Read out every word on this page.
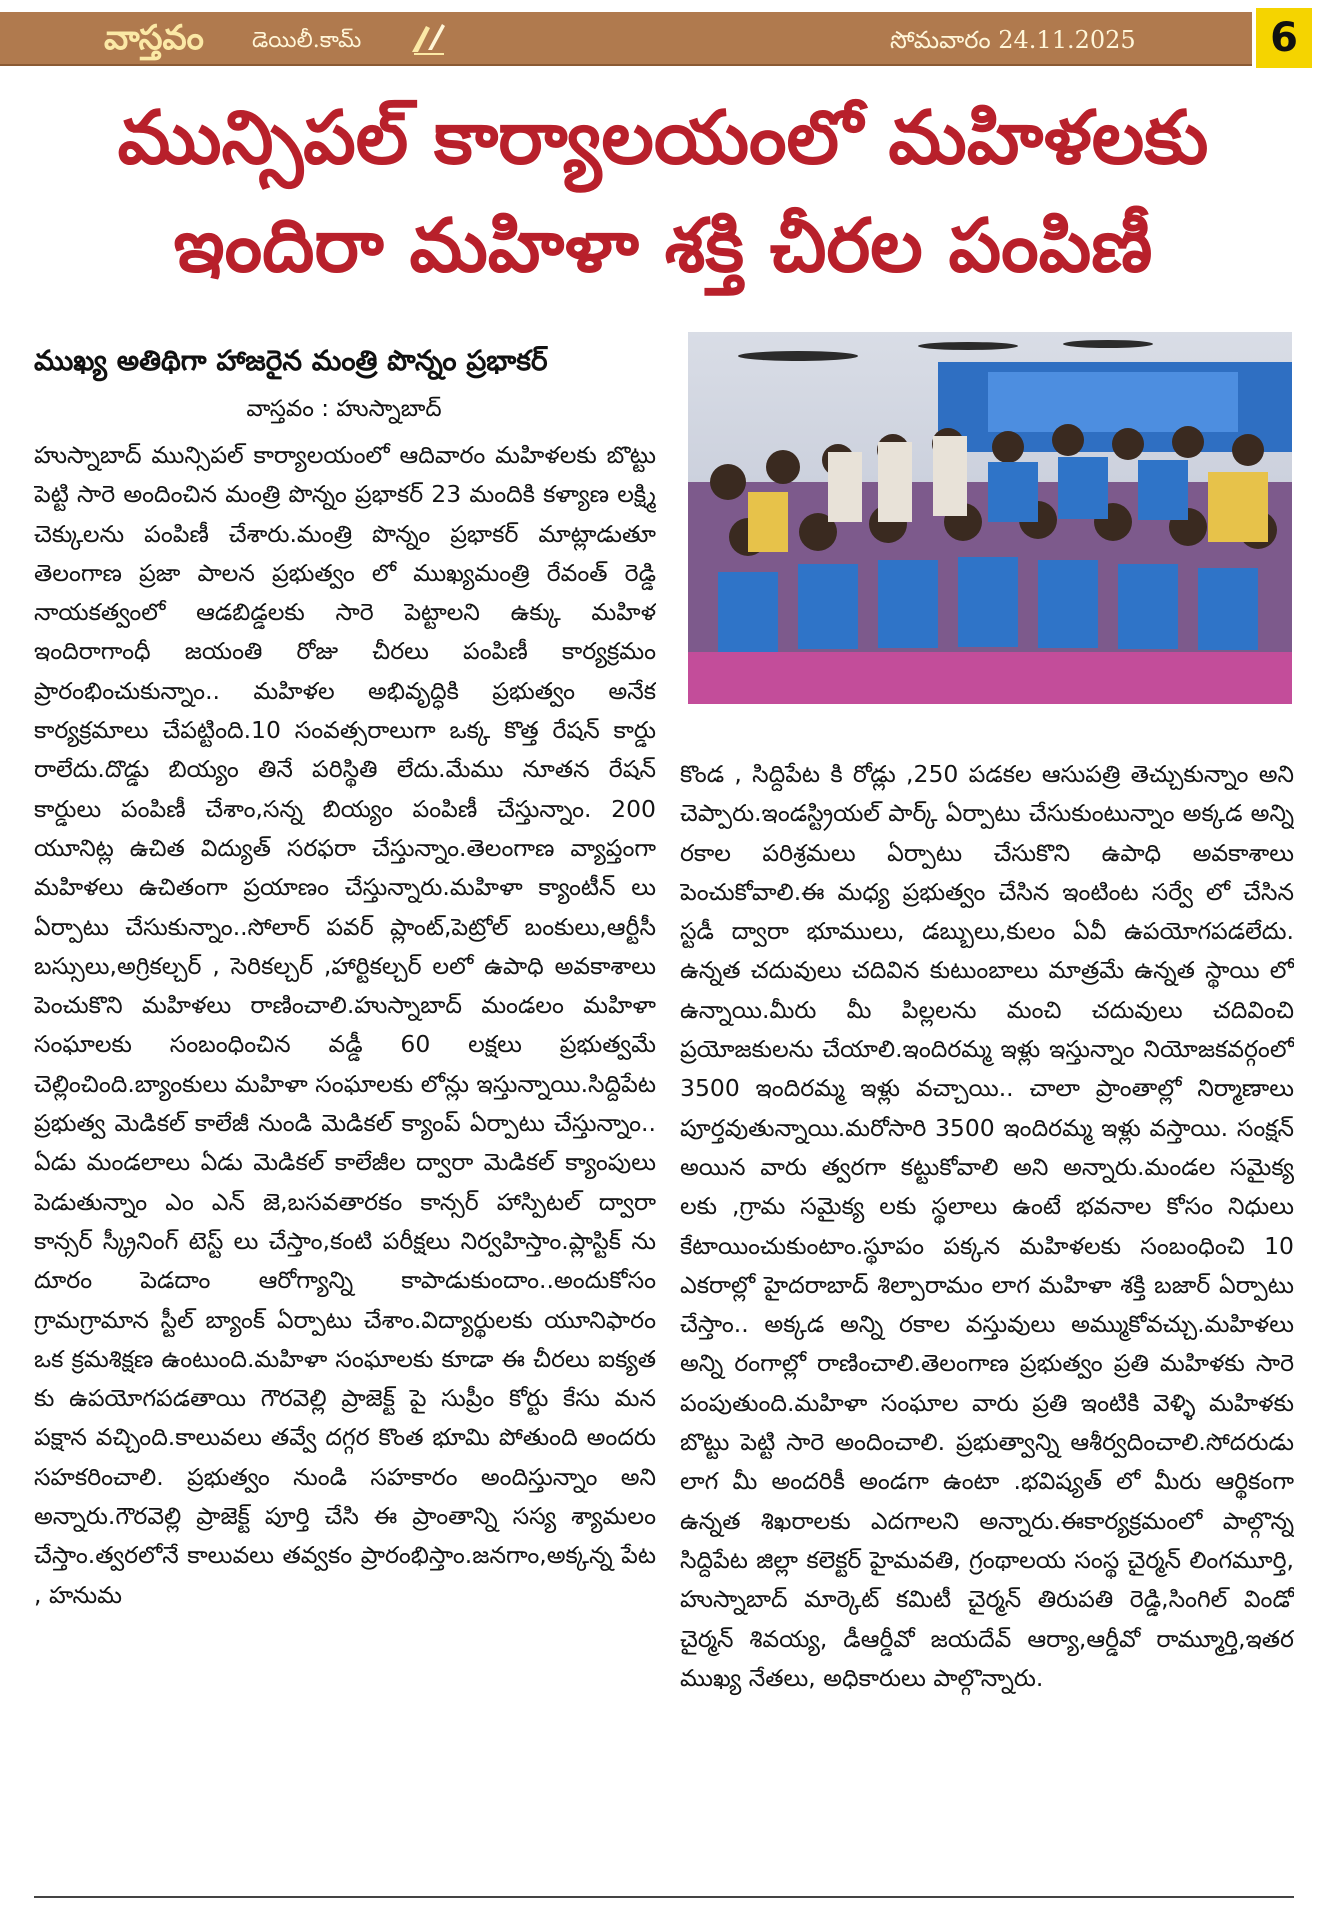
వాస్తవం డెయిలీ.కామ్	సోమవారం 24.11.2025	6
మున్సిపల్ కార్యాలయంలో మహిళలకు
ఇందిరా మహిళా శక్తి చీరల పంపిణీ
ముఖ్య అతిథిగా హాజరైన మంత్రి పొన్నం ప్రభాకర్
వాస్తవం : హుస్నాబాద్
హుస్నాబాద్ మున్సిపల్ కార్యాలయంలో ఆదివారం మహిళలకు బొట్టు పెట్టి సారె అందించిన మంత్రి పొన్నం ప్రభాకర్ 23 మందికి కళ్యాణ లక్ష్మి చెక్కులను పంపిణీ చేశారు.మంత్రి పొన్నం ప్రభాకర్ మాట్లాడుతూ తెలంగాణ ప్రజా పాలన ప్రభుత్వం లో ముఖ్యమంత్రి రేవంత్ రెడ్డి నాయకత్వంలో ఆడబిడ్డలకు సారె పెట్టాలని ఉక్కు మహిళ ఇందిరాగాంధీ జయంతి రోజు చీరలు పంపిణీ కార్యక్రమం ప్రారంభించుకున్నాం.. మహిళల అభివృద్ధికి ప్రభుత్వం అనేక కార్యక్రమాలు చేపట్టింది.10 సంవత్సరాలుగా ఒక్క కొత్త రేషన్ కార్డు రాలేదు.దొడ్డు బియ్యం తినే పరిస్థితి లేదు.మేము నూతన రేషన్ కార్డులు పంపిణీ చేశాం,సన్న బియ్యం పంపిణీ చేస్తున్నాం. 200 యూనిట్ల ఉచిత విద్యుత్ సరఫరా చేస్తున్నాం.తెలంగాణ వ్యాప్తంగా మహిళలు ఉచితంగా ప్రయాణం చేస్తున్నారు.మహిళా క్యాంటీన్ లు ఏర్పాటు చేసుకున్నాం..సోలార్ పవర్ ప్లాంట్,పెట్రోల్ బంకులు,ఆర్టీసీ బస్సులు,అగ్రికల్చర్ , సెరికల్చర్ ,హార్టికల్చర్ లలో ఉపాధి అవకాశాలు పెంచుకొని మహిళలు రాణించాలి.హుస్నాబాద్ మండలం మహిళా సంఘాలకు సంబంధించిన వడ్డీ 60 లక్షలు ప్రభుత్వమే చెల్లించింది.బ్యాంకులు మహిళా సంఘాలకు లోన్లు ఇస్తున్నాయి.సిద్దిపేట ప్రభుత్వ మెడికల్ కాలేజీ నుండి మెడికల్ క్యాంప్ ఏర్పాటు చేస్తున్నాం.. ఏడు మండలాలు ఏడు మెడికల్ కాలేజీల ద్వారా మెడికల్ క్యాంపులు పెడుతున్నాం ఎం ఎన్ జె,బసవతారకం కాన్సర్ హాస్పిటల్ ద్వారా కాన్సర్ స్క్రీనింగ్ టెస్ట్ లు చేస్తాం,కంటి పరీక్షలు నిర్వహిస్తాం.ప్లాస్టిక్ ను దూరం పెడదాం ఆరోగ్యాన్ని కాపాడుకుందాం..అందుకోసం గ్రామగ్రామాన స్టీల్ బ్యాంక్ ఏర్పాటు చేశాం.విద్యార్థులకు యూనిఫారం ఒక క్రమశిక్షణ ఉంటుంది.మహిళా సంఘాలకు కూడా ఈ చీరలు ఐక్యత కు ఉపయోగపడతాయి గౌరవెల్లి ప్రాజెక్ట్ పై సుప్రీం కోర్టు కేసు మన పక్షాన వచ్చింది.కాలువలు తవ్వే దగ్గర కొంత భూమి పోతుంది అందరు సహకరించాలి. ప్రభుత్వం నుండి సహకారం అందిస్తున్నాం అని అన్నారు.గౌరవెల్లి ప్రాజెక్ట్ పూర్తి చేసి ఈ ప్రాంతాన్ని సస్య శ్యామలం చేస్తాం.త్వరలోనే కాలువలు తవ్వకం ప్రారంభిస్తాం.జనగాం,అక్కన్న పేట , హనుమ
కొండ , సిద్దిపేట కి రోడ్లు ,250 పడకల ఆసుపత్రి తెచ్చుకున్నాం అని చెప్పారు.ఇండస్ట్రియల్ పార్క్ ఏర్పాటు చేసుకుంటున్నాం అక్కడ అన్ని రకాల పరిశ్రమలు ఏర్పాటు చేసుకొని ఉపాధి అవకాశాలు పెంచుకోవాలి.ఈ మధ్య ప్రభుత్వం చేసిన ఇంటింట సర్వే లో చేసిన స్టడీ ద్వారా భూములు, డబ్బులు,కులం ఏవీ ఉపయోగపడలేదు. ఉన్నత చదువులు చదివిన కుటుంబాలు మాత్రమే ఉన్నత స్థాయి లో ఉన్నాయి.మీరు మీ పిల్లలను మంచి చదువులు చదివించి ప్రయోజకులను చేయాలి.ఇందిరమ్మ ఇళ్లు ఇస్తున్నాం నియోజకవర్గంలో 3500 ఇందిరమ్మ ఇళ్లు వచ్చాయి.. చాలా ప్రాంతాల్లో నిర్మాణాలు పూర్తవుతున్నాయి.మరోసారి 3500 ఇందిరమ్మ ఇళ్లు వస్తాయి. సంక్షన్ అయిన వారు త్వరగా కట్టుకోవాలి అని అన్నారు.మండల సమైక్య లకు ,గ్రామ సమైక్య లకు స్థలాలు ఉంటే భవనాల కోసం నిధులు కేటాయించుకుంటాం.స్థూపం పక్కన మహిళలకు సంబంధించి 10 ఎకరాల్లో హైదరాబాద్ శిల్పారామం లాగ మహిళా శక్తి బజార్ ఏర్పాటు చేస్తాం.. అక్కడ అన్ని రకాల వస్తువులు అమ్ముకోవచ్చు.మహిళలు అన్ని రంగాల్లో రాణించాలి.తెలంగాణ ప్రభుత్వం ప్రతి మహిళకు సారె పంపుతుంది.మహిళా సంఘాల వారు ప్రతి ఇంటికి వెళ్ళి మహిళకు బొట్టు పెట్టి సారె అందించాలి. ప్రభుత్వాన్ని ఆశీర్వదించాలి.సోదరుడు లాగ మీ అందరికీ అండగా ఉంటా .భవిష్యత్ లో మీరు ఆర్థికంగా ఉన్నత శిఖరాలకు ఎదగాలని అన్నారు.ఈకార్యక్రమంలో పాల్గొన్న సిద్దిపేట జిల్లా కలెక్టర్ హైమవతి, గ్రంథాలయ సంస్థ చైర్మన్ లింగమూర్తి, హుస్నాబాద్ మార్కెట్ కమిటీ చైర్మన్ తిరుపతి రెడ్డి,సింగిల్ విండో చైర్మన్ శివయ్య, డీఆర్డీవో జయదేవ్ ఆర్యా,ఆర్డీవో రామ్మూర్తి,ఇతర ముఖ్య నేతలు, అధికారులు పాల్గొన్నారు.
